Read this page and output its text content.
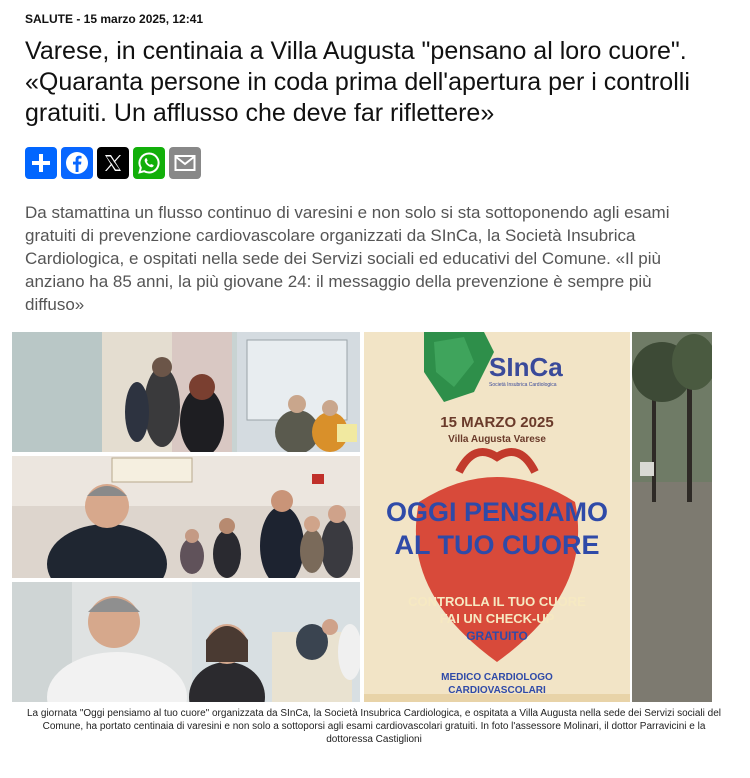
SALUTE - 15 marzo 2025, 12:41
Varese, in centinaia a Villa Augusta "pensano al loro cuore". «Quaranta persone in coda prima dell'apertura per i controlli gratuiti. Un afflusso che deve far riflettere»

Da stamattina un flusso continuo di varesini e non solo si sta sottoponendo agli esami gratuiti di prevenzione cardiovascolare organizzati da SInCa, la Società Insubrica Cardiologica, e ospitati nella sede dei Servizi sociali ed educativi del Comune. «Il più anziano ha 85 anni, la più giovane 24: il messaggio della prevenzione è sempre più diffuso»

SInCa
Società Insubrica Cardiologica
15 MARZO 2025
Villa Augusta Varese
OGGI PENSIAMO
AL TUO CUORE
CONTROLLA IL TUO CUORE
FAI UN CHECK-UP
GRATUITO
MEDICO CARDIOLOGO
CARDIOVASCOLARI
La giornata "Oggi pensiamo al tuo cuore" organizzata da SInCa, la Società Insubrica Cardiologica, e ospitata a Villa Augusta nella sede dei Servizi sociali del Comune, ha portato centinaia di varesini e non solo a sottoporsi agli esami cardiovascolari gratuiti. In foto l'assessore Molinari, il dottor Parravicini e la dottoressa Castiglioni
